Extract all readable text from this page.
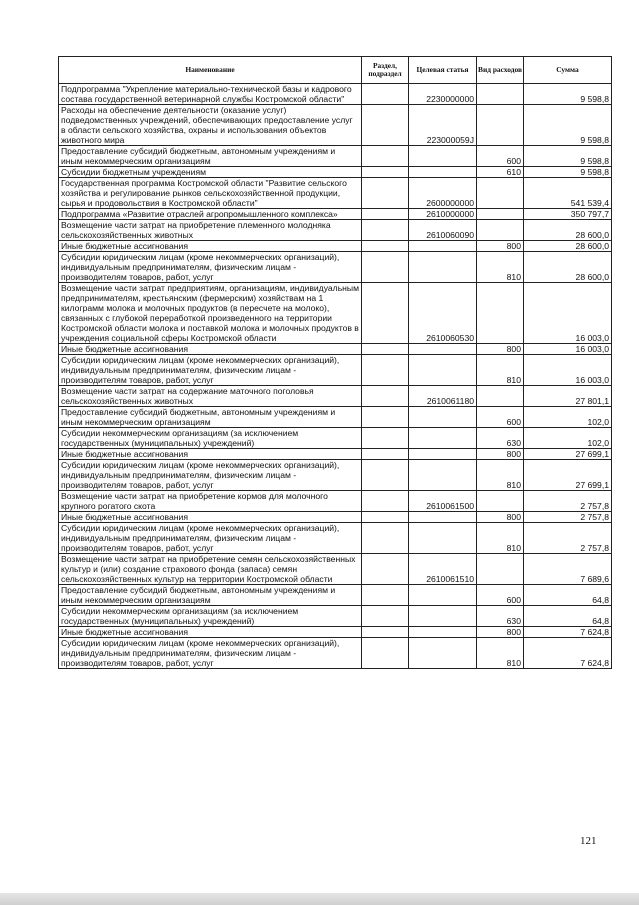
Наименование	Раздел, подраздел	Целевая статья	Вид расходов	Сумма
Подпрограмма "Укрепление материально-технической базы и кадрового состава государственной ветеринарной службы Костромской области"		2230000000		9 598,8
Расходы на обеспечение деятельности (оказание услуг) подведомственных учреждений, обеспечивающих предоставление услуг в области сельского хозяйства, охраны и использования объектов животного мира		223000059J		9 598,8
Предоставление субсидий бюджетным, автономным учреждениям и иным некоммерческим организациям			600	9 598,8
Субсидии бюджетным учреждениям			610	9 598,8
Государственная программа Костромской области "Развитие сельского хозяйства и регулирование рынков сельскохозяйственной продукции, сырья и продовольствия в Костромской области"		2600000000		541 539,4
Подпрограмма «Развитие отраслей агропромышленного комплекса»		2610000000		350 797,7
Возмещение части затрат на приобретение племенного молодняка сельскохозяйственных животных		2610060090		28 600,0
Иные бюджетные ассигнования			800	28 600,0
Субсидии юридическим лицам (кроме некоммерческих организаций), индивидуальным предпринимателям, физическим лицам - производителям товаров, работ, услуг			810	28 600,0
Возмещение части затрат предприятиям, организациям, индивидуальным предпринимателям, крестьянским (фермерским) хозяйствам на 1 килограмм молока и молочных продуктов (в пересчете на молоко), связанных с глубокой переработкой произведенного на территории Костромской области молока и поставкой молока и молочных продуктов в учреждения социальной сферы Костромской области		2610060530		16 003,0
Иные бюджетные ассигнования			800	16 003,0
Субсидии юридическим лицам (кроме некоммерческих организаций), индивидуальным предпринимателям, физическим лицам - производителям товаров, работ, услуг			810	16 003,0
Возмещение части затрат на содержание маточного поголовья сельскохозяйственных животных		2610061180		27 801,1
Предоставление субсидий бюджетным, автономным учреждениям и иным некоммерческим организациям			600	102,0
Субсидии некоммерческим организациям (за исключением государственных (муниципальных) учреждений)			630	102,0
Иные бюджетные ассигнования			800	27 699,1
Субсидии юридическим лицам (кроме некоммерческих организаций), индивидуальным предпринимателям, физическим лицам - производителям товаров, работ, услуг			810	27 699,1
Возмещение части затрат на приобретение кормов для молочного крупного рогатого скота		2610061500		2 757,8
Иные бюджетные ассигнования			800	2 757,8
Субсидии юридическим лицам (кроме некоммерческих организаций), индивидуальным предпринимателям, физическим лицам - производителям товаров, работ, услуг			810	2 757,8
Возмещение части затрат на приобретение семян сельскохозяйственных культур и (или) создание страхового фонда (запаса) семян сельскохозяйственных культур на территории Костромской области		2610061510		7 689,6
Предоставление субсидий бюджетным, автономным учреждениям и иным некоммерческим организациям			600	64,8
Субсидии некоммерческим организациям (за исключением государственных (муниципальных) учреждений)			630	64,8
Иные бюджетные ассигнования			800	7 624,8
Субсидии юридическим лицам (кроме некоммерческих организаций), индивидуальным предпринимателям, физическим лицам - производителям товаров, работ, услуг			810	7 624,8
121
